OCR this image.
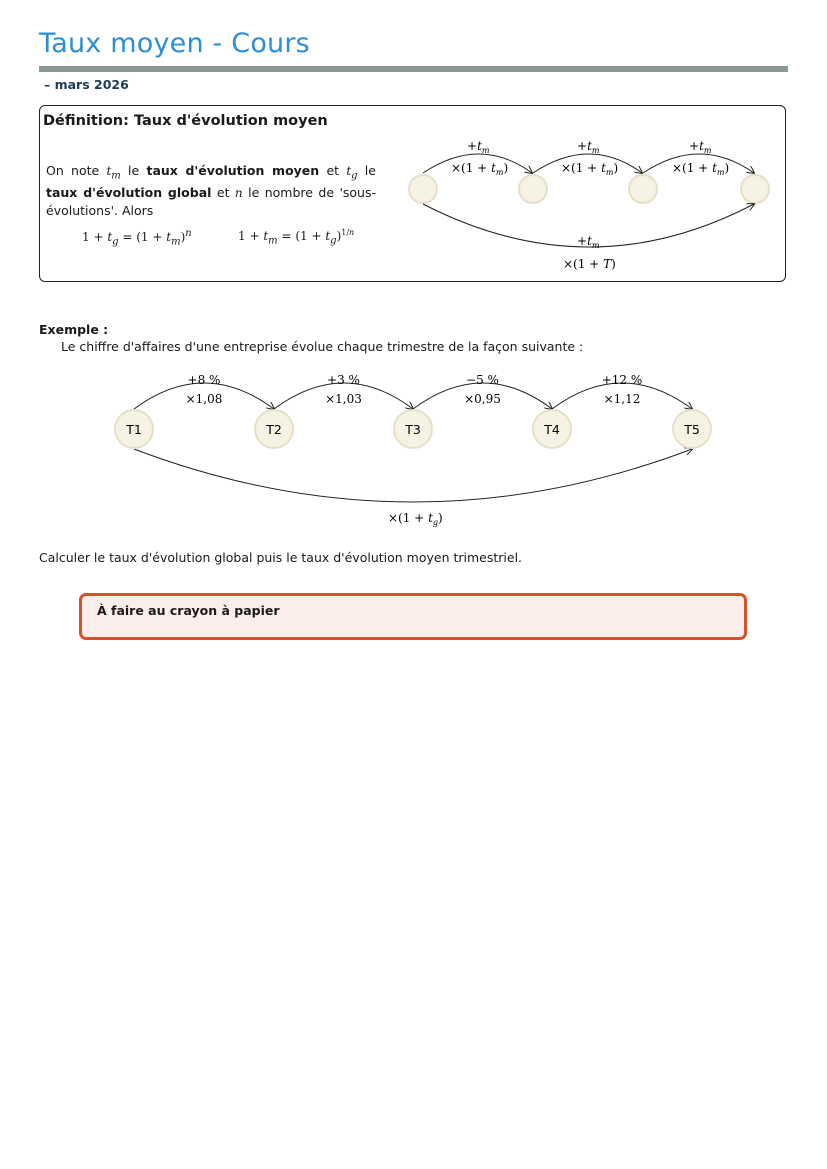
Taux moyen - Cours
– mars 2026
Définition: Taux d'évolution moyen
On note $t_m$ le taux d'évolution moyen et $t_g$ le taux d'évolution global et n le nombre de 'sous-évolutions'. Alors
$1 + t_g = (1 + t_m)^n$	$1 + t_m = (1 + t_g)^{1/n}$
$+t_m$
$\times(1 + t_m)$
$+t_m$
$\times(1 + t_m)$
$+t_m$
$\times(1 + t_m)$
$+t_m$
×(1 + T)
Exemple :
Le chiffre d'affaires d'une entreprise évolue chaque trimestre de la façon suivante :
T1	T2	T3	T4	T5
+8 %
×1,08
+3 %
×1,03
−5 %
×0,95
+12 %
×1,12
$\times(1 + t_g)$
Calculer le taux d'évolution global puis le taux d'évolution moyen trimestriel.
À faire au crayon à papier
